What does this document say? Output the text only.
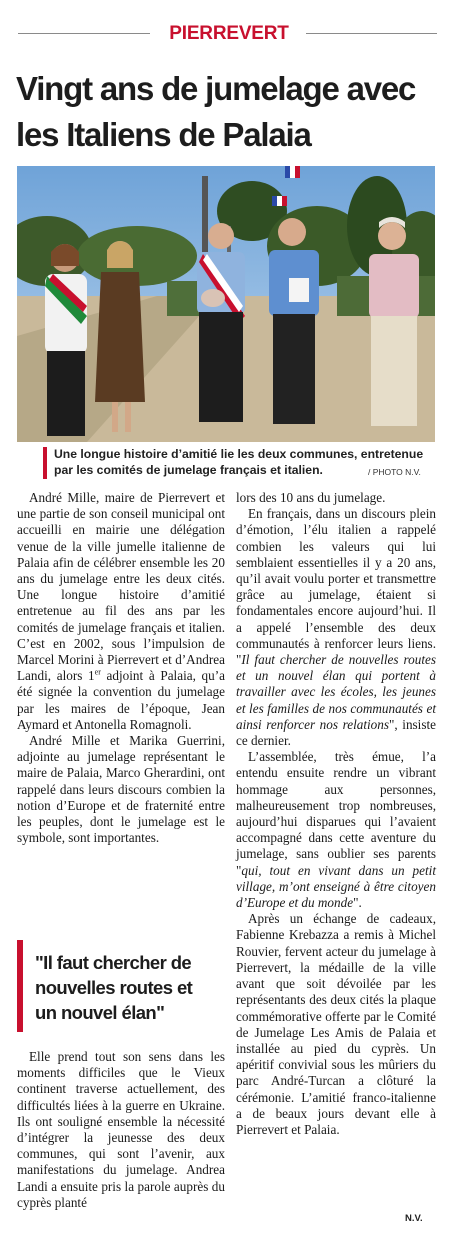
PIERREVERT
Vingt ans de jumelage avec les Italiens de Palaia
Une longue histoire d’amitié lie les deux communes, entretenue par les comités de jumelage français et italien.	/ PHOTO N.V.

André Mille, maire de Pierrevert et une partie de son conseil municipal ont accueilli en mairie une délégation venue de la ville jumelle italienne de Palaia afin de célébrer ensemble les 20 ans du jumelage entre les deux cités. Une longue histoire d’amitié entretenue au fil des ans par les comités de jumelage français et italien. C’est en 2002, sous l’impulsion de Marcel Morini à Pierrevert et d’Andrea Landi, alors 1er adjoint à Palaia, qu’a été signée la convention du jumelage par les maires de l’époque, Jean Aymard et Antonella Romagnoli.

André Mille et Marika Guerrini, adjointe au jumelage représentant le maire de Palaia, Marco Gherardini, ont rappelé dans leurs discours combien la notion d’Europe et de fraternité entre les peuples, dont le jumelage est le symbole, sont importantes.

"Il faut chercher de nouvelles routes et un nouvel élan"

Elle prend tout son sens dans les moments difficiles que le Vieux continent traverse actuellement, des difficultés liées à la guerre en Ukraine. Ils ont souligné ensemble la nécessité d’intégrer la jeunesse des deux communes, qui sont l’avenir, aux manifestations du jumelage. Andrea Landi a ensuite pris la parole auprès du cyprès planté

lors des 10 ans du jumelage.

En français, dans un discours plein d’émotion, l’élu italien a rappelé combien les valeurs qui lui semblaient essentielles il y a 20 ans, qu’il avait voulu porter et transmettre grâce au jumelage, étaient si fondamentales encore aujourd’hui. Il a appelé l’ensemble des deux communautés à renforcer leurs liens. "Il faut chercher de nouvelles routes et un nouvel élan qui portent à travailler avec les écoles, les jeunes et les familles de nos communautés et ainsi renforcer nos relations", insiste ce dernier.

L’assemblée, très émue, l’a entendu ensuite rendre un vibrant hommage aux personnes, malheureusement trop nombreuses, aujourd’hui disparues qui l’avaient accompagné dans cette aventure du jumelage, sans oublier ses parents "qui, tout en vivant dans un petit village, m’ont enseigné à être citoyen d’Europe et du monde".

Après un échange de cadeaux, Fabienne Krebazza a remis à Michel Rouvier, fervent acteur du jumelage à Pierrevert, la médaille de la ville avant que soit dévoilée par les représentants des deux cités la plaque commémorative offerte par le Comité de Jumelage Les Amis de Palaia et installée au pied du cyprès. Un apéritif convivial sous les mûriers du parc André-Turcan a clôturé la cérémonie. L’amitié franco-italienne a de beaux jours devant elle à Pierrevert et Palaia.

N.V.
